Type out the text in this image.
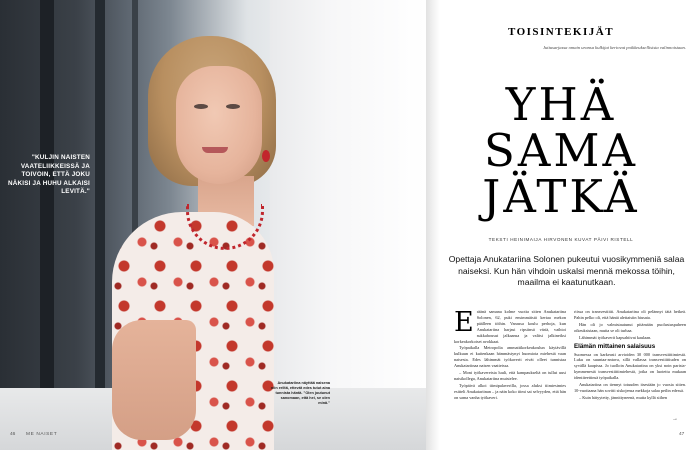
"KULJIN NAISTEN VAATELIIKKEISSÄ JA TOIVOIN, ETTÄ JOKU NÄKISI JA HUHU ALKAISI LEVITÄ."
Anukatariina näyttää naisena niin eriltä, ettevät edes tutut aina tunnista häntä. "Olen joutunut sanomaan, että hei, se olen minä."
46 ME NAISET
TOISINTEKIJÄT
Juttusarjassa omain uransa kulkijat kertovat poikkeuksellisista valinnoistaan.
YHÄ
SAMA
JÄTKÄ
TEKSTI HEINIMAIJA HIRVONEN KUVAT PÄIVI RISTELL
Opettaja Anukatariina Solonen pukeutui vuosikymmeniä salaa naiseksi. Kun hän vihdoin uskalsi mennä mekossa töihin, maailma ei kaatunutkaan.
E räänä samana kolme vuotta sitten Anukatariina Solonen, 62, puki ensimmäistä kertaa mekon päälleen töihin. Vanassa koulu perhoja, kun Anukatariina harjasi ripsiinsä väriä, vaihtoi sukkahousut jalkaansa ja valitsi jalkineiksi korkeakorkoiset avokkaat.

Työpaikalla Metropolia ammattikorkeakoulun käytävillä kulkuun ei kuitenkaan hämmästynyt huomiota miehestä vaan naisesta. Edes lähimmät työkaverit eivät olleet tunnistaa Anukatariinaa naisen vaatteissa.

– Moni työkavereista luuli, että kampaukseltä on tullut uusi naisikollega, Anukatariina muistelee.

Työpäivä alkoi tiimipalaverilla, jossa aluksi tiimiesimies esitteli Anukatariinan – ja näin koko tiimi sai selvyyden, että hän on sama vanha työkaveri.

riissa on transvestiitti. Anukatariina oli pelännyt tätä hetkeä. Pahin pelko oli, että häntä alettaisiin hiusata.

Hän oli jo valmistautunut pitämään puolustuspuheen oikeuksistaan, mutta se oli turhaa.

Lähimmät työkaverit kapsahtivat kaulaan.

Elämän mittainen salaisuus

Suomessa on karkeasti arvioiden 30 000 transvestiittimiestä. Luku on suuntaa-antava, sillä vallassa transvestiittiuden on syvällä kaapissa. Jo tuolloin Anukatariina on yksi noin parista-kymmenestä transvestiittimiehestä, jotka on luotettu mukaan identiteettinsä työpaikalla.

Anukatariina on tiennyt totuuden itsestään jo vuosia sitten. 10-vuotiaana hän sovitti siskojensa mekkoja salaa peilin edessä.

– Kuin hätyytetty, jännittyneenä, mutta kyllä siihen

→
47
